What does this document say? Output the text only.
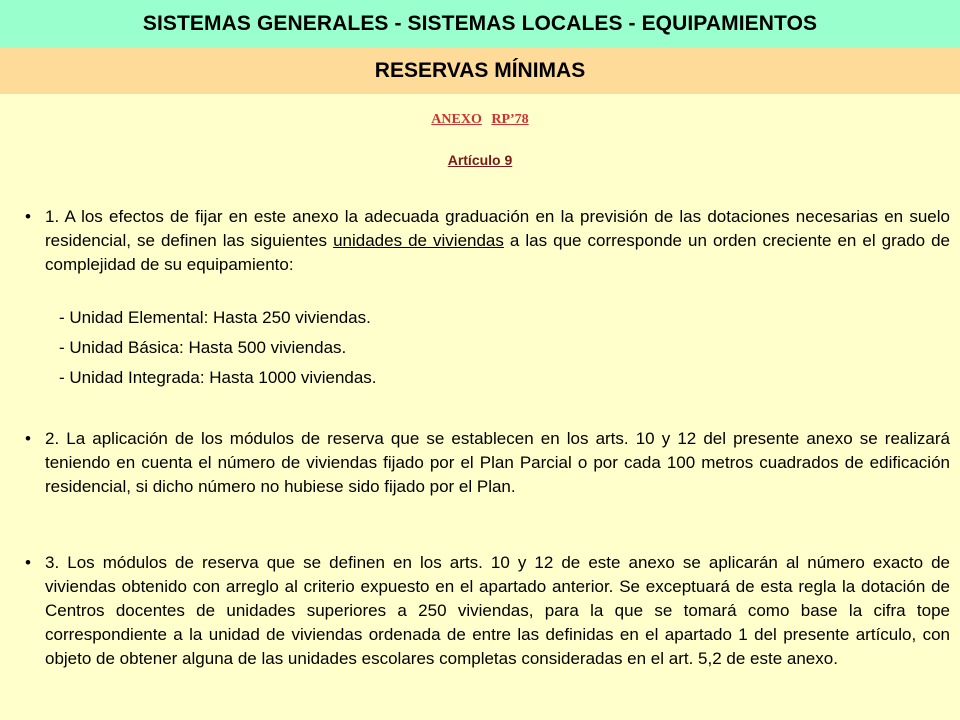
SISTEMAS GENERALES - SISTEMAS LOCALES - EQUIPAMIENTOS
RESERVAS MÍNIMAS
ANEXO RP’78
Artículo 9
• 1. A los efectos de fijar en este anexo la adecuada graduación en la previsión de las dotaciones necesarias en suelo residencial, se definen las siguientes unidades de viviendas a las que corresponde un orden creciente en el grado de complejidad de su equipamiento:
- Unidad Elemental: Hasta 250 viviendas.
- Unidad Básica: Hasta 500 viviendas.
- Unidad Integrada: Hasta 1000 viviendas.
• 2. La aplicación de los módulos de reserva que se establecen en los arts. 10 y 12 del presente anexo se realizará teniendo en cuenta el número de viviendas fijado por el Plan Parcial o por cada 100 metros cuadrados de edificación residencial, si dicho número no hubiese sido fijado por el Plan.
• 3. Los módulos de reserva que se definen en los arts. 10 y 12 de este anexo se aplicarán al número exacto de viviendas obtenido con arreglo al criterio expuesto en el apartado anterior. Se exceptuará de esta regla la dotación de Centros docentes de unidades superiores a 250 viviendas, para la que se tomará como base la cifra tope correspondiente a la unidad de viviendas ordenada de entre las definidas en el apartado 1 del presente artículo, con objeto de obtener alguna de las unidades escolares completas consideradas en el art. 5,2 de este anexo.
